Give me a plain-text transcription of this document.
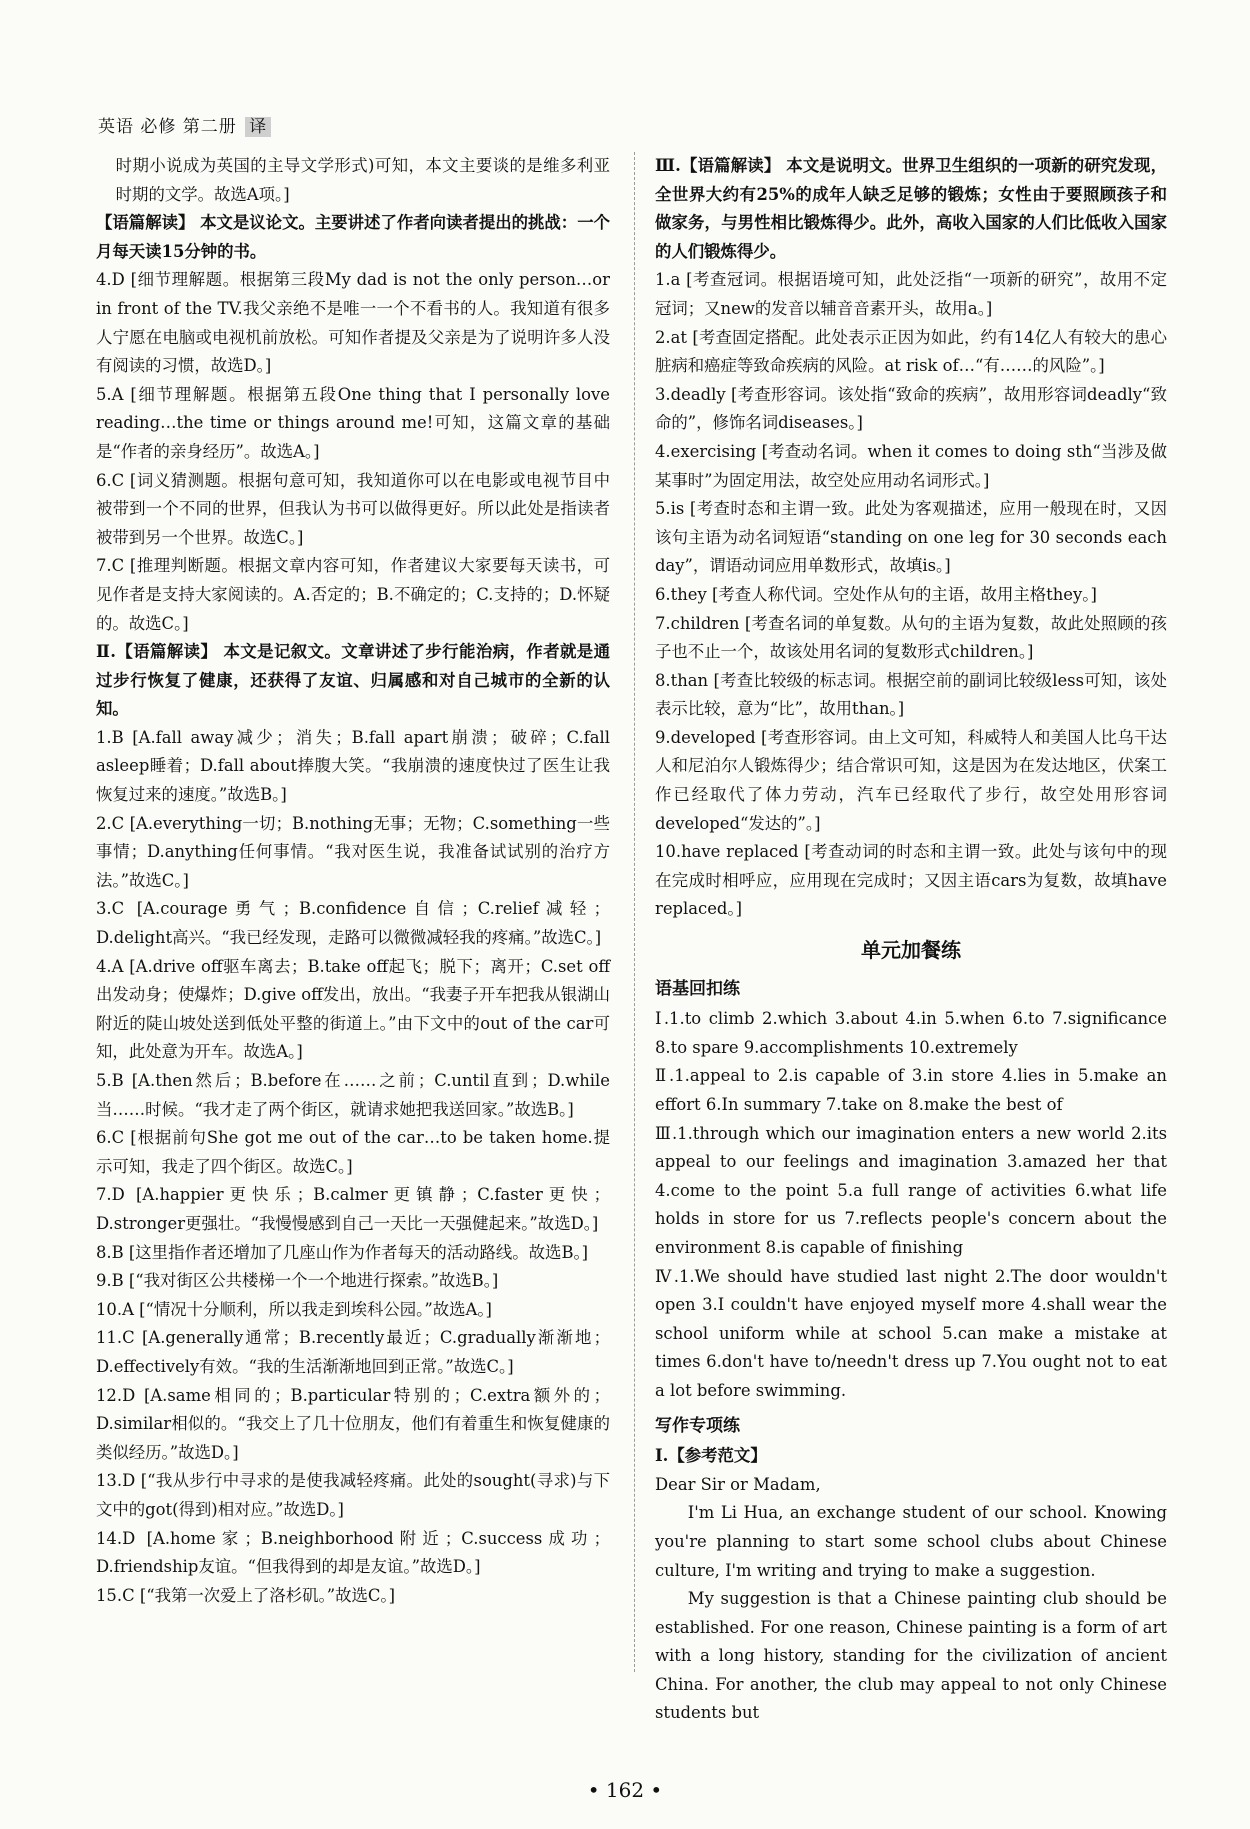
英语 必修 第二册 译

时期小说成为英国的主导文学形式)可知，本文主要谈的是维多利亚时期的文学。故选A项。]

【语篇解读】 本文是议论文。主要讲述了作者向读者提出的挑战：一个月每天读15分钟的书。

4.D [细节理解题。根据第三段My dad is not the only person…or in front of the TV.我父亲绝不是唯一一个不看书的人。我知道有很多人宁愿在电脑或电视机前放松。可知作者提及父亲是为了说明许多人没有阅读的习惯，故选D。]

5.A [细节理解题。根据第五段One thing that I personally love reading…the time or things around me!可知，这篇文章的基础是“作者的亲身经历”。故选A。]

6.C [词义猜测题。根据句意可知，我知道你可以在电影或电视节目中被带到一个不同的世界，但我认为书可以做得更好。所以此处是指读者被带到另一个世界。故选C。]

7.C [推理判断题。根据文章内容可知，作者建议大家要每天读书，可见作者是支持大家阅读的。A.否定的；B.不确定的；C.支持的；D.怀疑的。故选C。]

Ⅱ.【语篇解读】 本文是记叙文。文章讲述了步行能治病，作者就是通过步行恢复了健康，还获得了友谊、归属感和对自己城市的全新的认知。

1.B [A.fall away减少；消失；B.fall apart崩溃；破碎；C.fall asleep睡着；D.fall about捧腹大笑。“我崩溃的速度快过了医生让我恢复过来的速度。”故选B。]

2.C [A.everything一切；B.nothing无事；无物；C.something一些事情；D.anything任何事情。“我对医生说，我准备试试别的治疗方法。”故选C。]

3.C [A.courage勇气；B.confidence自信；C.relief减轻；D.delight高兴。“我已经发现，走路可以微微减轻我的疼痛。”故选C。]

4.A [A.drive off驱车离去；B.take off起飞；脱下；离开；C.set off出发动身；使爆炸；D.give off发出，放出。“我妻子开车把我从银湖山附近的陡山坡处送到低处平整的街道上。”由下文中的out of the car可知，此处意为开车。故选A。]

5.B [A.then然后；B.before在……之前；C.until直到；D.while当……时候。“我才走了两个街区，就请求她把我送回家。”故选B。]

6.C [根据前句She got me out of the car…to be taken home.提示可知，我走了四个街区。故选C。]

7.D [A.happier更快乐；B.calmer更镇静；C.faster更快；D.stronger更强壮。“我慢慢感到自己一天比一天强健起来。”故选D。]

8.B [这里指作者还增加了几座山作为作者每天的活动路线。故选B。]

9.B [“我对街区公共楼梯一个一个地进行探索。”故选B。]

10.A [“情况十分顺利，所以我走到埃科公园。”故选A。]

11.C [A.generally通常；B.recently最近；C.gradually渐渐地；D.effectively有效。“我的生活渐渐地回到正常。”故选C。]

12.D [A.same相同的；B.particular特别的；C.extra额外的；D.similar相似的。“我交上了几十位朋友，他们有着重生和恢复健康的类似经历。”故选D。]

13.D [“我从步行中寻求的是使我减轻疼痛。此处的sought(寻求)与下文中的got(得到)相对应。”故选D。]

14.D [A.home家；B.neighborhood附近；C.success成功；D.friendship友谊。“但我得到的却是友谊。”故选D。]

15.C [“我第一次爱上了洛杉矶。”故选C。]

Ⅲ.【语篇解读】 本文是说明文。世界卫生组织的一项新的研究发现，全世界大约有25%的成年人缺乏足够的锻炼；女性由于要照顾孩子和做家务，与男性相比锻炼得少。此外，高收入国家的人们比低收入国家的人们锻炼得少。

1.a [考查冠词。根据语境可知，此处泛指“一项新的研究”，故用不定冠词；又new的发音以辅音音素开头，故用a。]

2.at [考查固定搭配。此处表示正因为如此，约有14亿人有较大的患心脏病和癌症等致命疾病的风险。at risk of…“有……的风险”。]

3.deadly [考查形容词。该处指“致命的疾病”，故用形容词deadly“致命的”，修饰名词diseases。]

4.exercising [考查动名词。when it comes to doing sth“当涉及做某事时”为固定用法，故空处应用动名词形式。]

5.is [考查时态和主谓一致。此处为客观描述，应用一般现在时，又因该句主语为动名词短语“standing on one leg for 30 seconds each day”，谓语动词应用单数形式，故填is。]

6.they [考查人称代词。空处作从句的主语，故用主格they。]

7.children [考查名词的单复数。从句的主语为复数，故此处照顾的孩子也不止一个，故该处用名词的复数形式children。]

8.than [考查比较级的标志词。根据空前的副词比较级less可知，该处表示比较，意为“比”，故用than。]

9.developed [考查形容词。由上文可知，科威特人和美国人比乌干达人和尼泊尔人锻炼得少；结合常识可知，这是因为在发达地区，伏案工作已经取代了体力劳动，汽车已经取代了步行，故空处用形容词developed“发达的”。]

10.have replaced [考查动词的时态和主谓一致。此处与该句中的现在完成时相呼应，应用现在完成时；又因主语cars为复数，故填have replaced。]

单元加餐练
语基回扣练

Ⅰ.1.to climb 2.which 3.about 4.in 5.when 6.to 7.significance 8.to spare 9.accomplishments 10.extremely

Ⅱ.1.appeal to 2.is capable of 3.in store 4.lies in 5.make an effort 6.In summary 7.take on 8.make the best of

Ⅲ.1.through which our imagination enters a new world 2.its appeal to our feelings and imagination 3.amazed her that 4.come to the point 5.a full range of activities 6.what life holds in store for us 7.reflects people's concern about the environment 8.is capable of finishing

Ⅳ.1.We should have studied last night 2.The door wouldn't open 3.I couldn't have enjoyed myself more 4.shall wear the school uniform while at school 5.can make a mistake at times 6.don't have to/needn't dress up 7.You ought not to eat a lot before swimming.

写作专项练

Ⅰ.【参考范文】

Dear Sir or Madam,

I'm Li Hua, an exchange student of our school. Knowing you're planning to start some school clubs about Chinese culture, I'm writing and trying to make a suggestion.

My suggestion is that a Chinese painting club should be established. For one reason, Chinese painting is a form of art with a long history, standing for the civilization of ancient China. For another, the club may appeal to not only Chinese students but

• 162 •
